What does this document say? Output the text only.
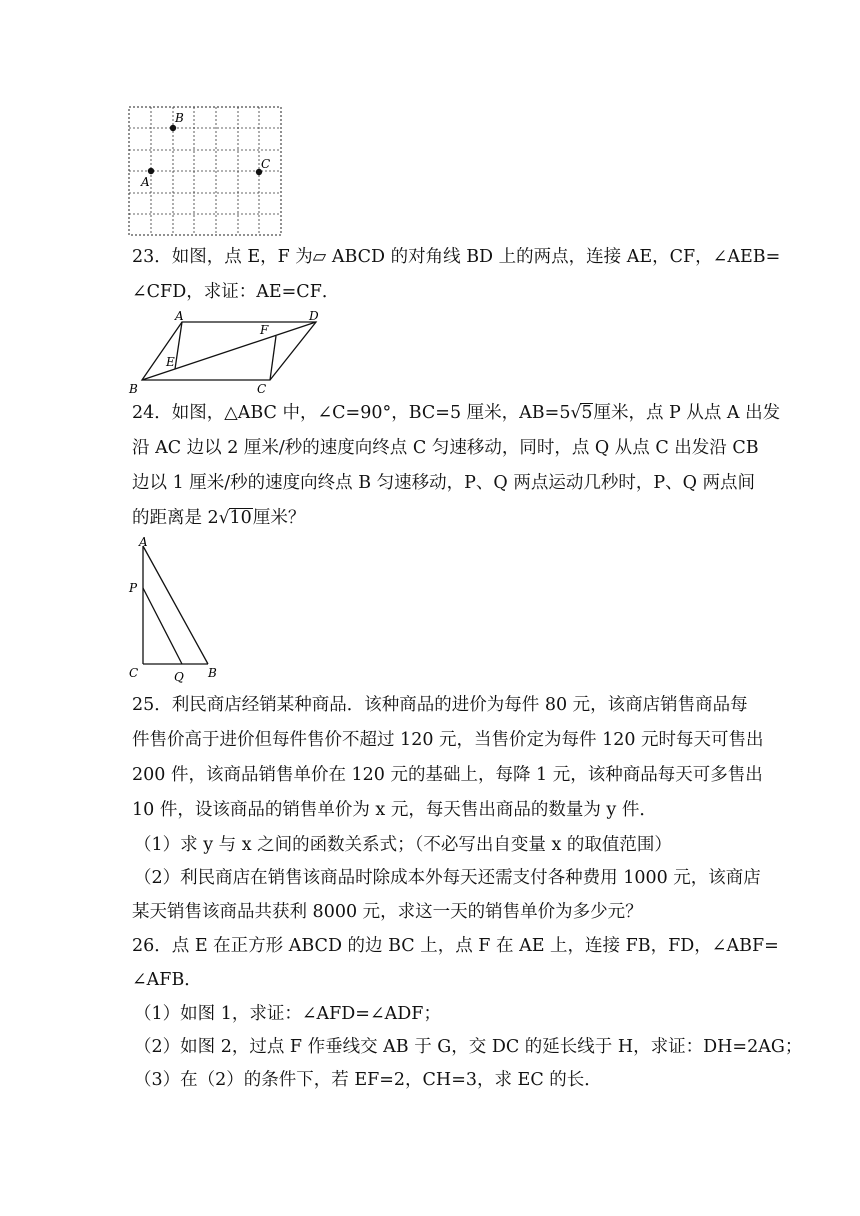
B
A
C
23．如图，点 E，F 为▱ ABCD 的对角线 BD 上的两点，连接 AE，CF，∠AEB=
∠CFD，求证：AE=CF．
A	D
F
E
B	C
24．如图，△ABC 中，∠C=90°，BC=5 厘米，AB=5√5厘米，点 P 从点 A 出发
沿 AC 边以 2 厘米/秒的速度向终点 C 匀速移动，同时，点 Q 从点 C 出发沿 CB
边以 1 厘米/秒的速度向终点 B 匀速移动，P、Q 两点运动几秒时，P、Q 两点间
的距离是 2√10厘米？
A
P
C	Q B
25．利民商店经销某种商品．该种商品的进价为每件 80 元，该商店销售商品每
件售价高于进价但每件售价不超过 120 元，当售价定为每件 120 元时每天可售出
200 件，该商品销售单价在 120 元的基础上，每降 1 元，该种商品每天可多售出
10 件，设该商品的销售单价为 x 元，每天售出商品的数量为 y 件．
（1）求 y 与 x 之间的函数关系式；（不必写出自变量 x 的取值范围）
（2）利民商店在销售该商品时除成本外每天还需支付各种费用 1000 元，该商店
某天销售该商品共获利 8000 元，求这一天的销售单价为多少元？
26．点 E 在正方形 ABCD 的边 BC 上，点 F 在 AE 上，连接 FB，FD，∠ABF=
∠AFB．
（1）如图 1，求证：∠AFD=∠ADF；
（2）如图 2，过点 F 作垂线交 AB 于 G，交 DC 的延长线于 H，求证：DH=2AG；
（3）在（2）的条件下，若 EF=2，CH=3，求 EC 的长．
